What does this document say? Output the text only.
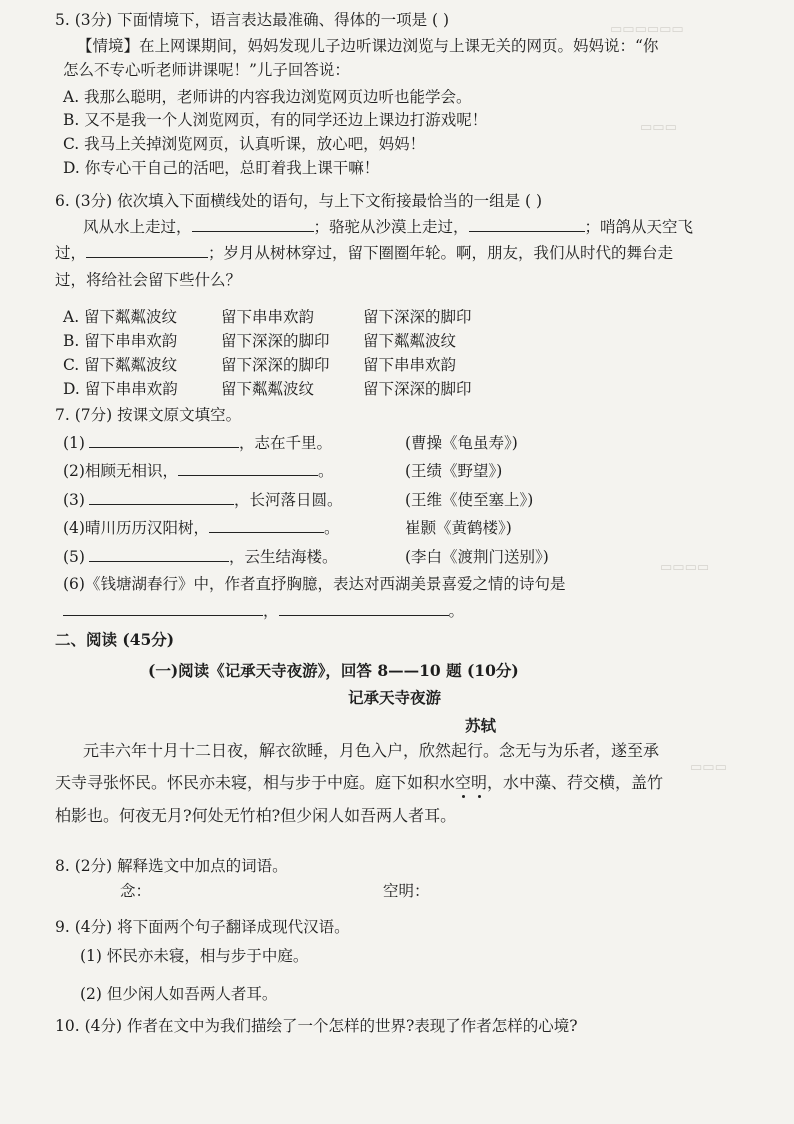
▭▭▭▭▭▭
▭▭▭
▭▭▭▭
▭▭▭
5. (3分) 下面情境下，语言表达最准确、得体的一项是 ( )
【情境】在上网课期间，妈妈发现儿子边听课边浏览与上课无关的网页。妈妈说：“你
怎么不专心听老师讲课呢！”儿子回答说：
A. 我那么聪明，老师讲的内容我边浏览网页边听也能学会。
B. 又不是我一个人浏览网页，有的同学还边上课边打游戏呢！
C. 我马上关掉浏览网页，认真听课，放心吧，妈妈！
D. 你专心干自己的活吧，总盯着我上课干嘛！
6. (3分) 依次填入下面横线处的语句，与上下文衔接最恰当的一组是 ( )
风从水上走过，	；骆驼从沙漠上走过，	；哨鸽从天空飞
过，	；岁月从树林穿过，留下圈圈年轮。啊，朋友，我们从时代的舞台走
过，将给社会留下些什么？
A. 留下粼粼波纹	留下串串欢韵	留下深深的脚印
B. 留下串串欢韵	留下深深的脚印 留下粼粼波纹
C. 留下粼粼波纹	留下深深的脚印 留下串串欢韵
D. 留下串串欢韵	留下粼粼波纹	留下深深的脚印
7. (7分) 按课文原文填空。
(1)	，志在千里。	(曹操《龟虽寿》)
(2)相顾无相识，	。	(王绩《野望》)
(3)	，长河落日圆。	(王维《使至塞上》)
(4)晴川历历汉阳树，	。	崔颢《黄鹤楼》)
(5)	，云生结海楼。	(李白《渡荆门送别》)
(6)《钱塘湖春行》中，作者直抒胸臆，表达对西湖美景喜爱之情的诗句是
，	。
二、阅读 (45分)
(一)阅读《记承天寺夜游》，回答 8——10 题 (10分)
记承天寺夜游
苏轼
元丰六年十月十二日夜，解衣欲睡，月色入户，欣然起行。念无与为乐者，遂至承
天寺寻张怀民。怀民亦未寝，相与步于中庭。庭下如积水空明，水中藻、荇交横，盖竹
柏影也。何夜无月?何处无竹柏?但少闲人如吾两人者耳。
8. (2分) 解释选文中加点的词语。
念：	空明：
9. (4分) 将下面两个句子翻译成现代汉语。
(1) 怀民亦未寝，相与步于中庭。
(2) 但少闲人如吾两人者耳。
10. (4分) 作者在文中为我们描绘了一个怎样的世界?表现了作者怎样的心境?
